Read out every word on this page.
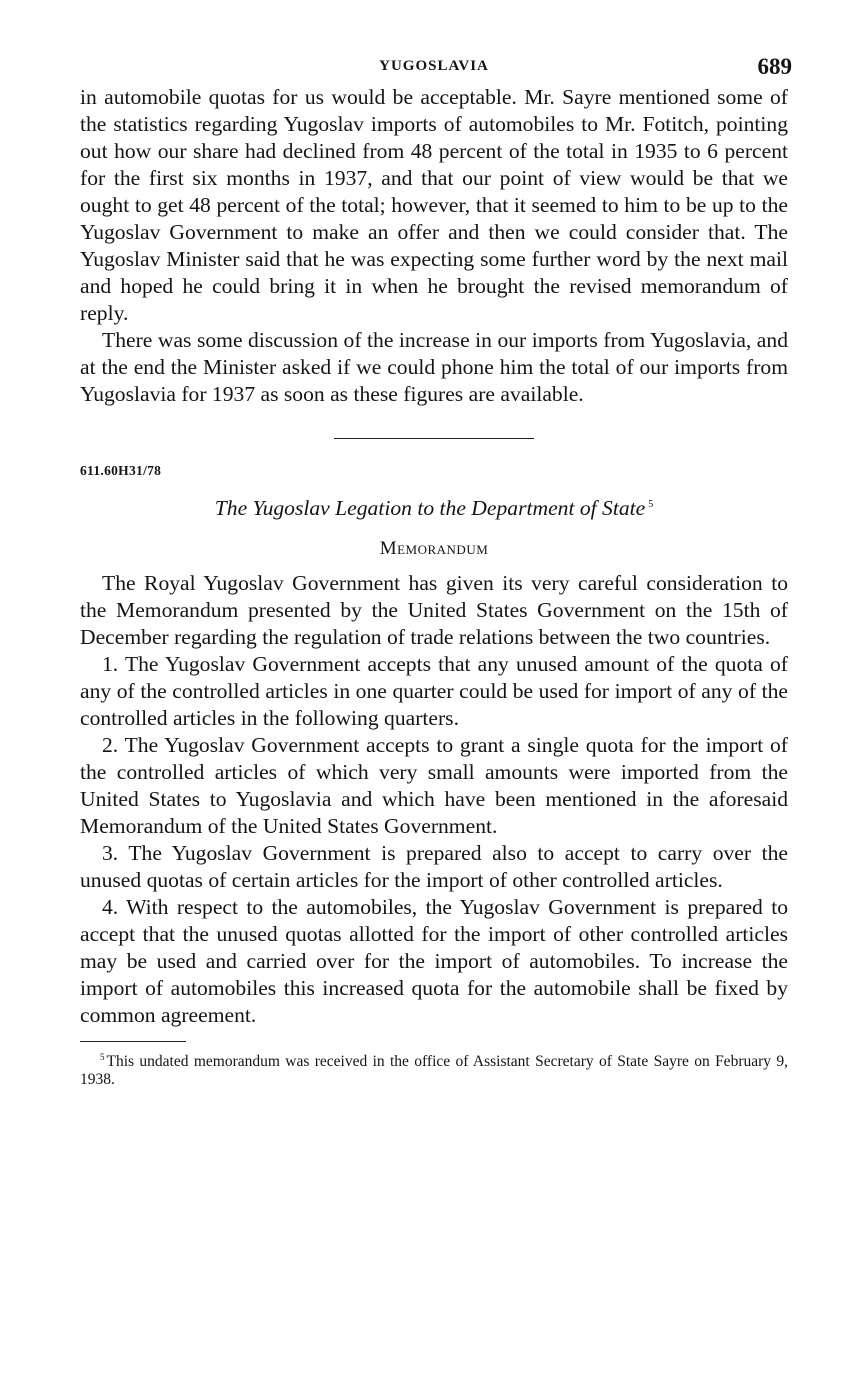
YUGOSLAVIA	689

in automobile quotas for us would be acceptable. Mr. Sayre mentioned some of the statistics regarding Yugoslav imports of automobiles to Mr. Fotitch, pointing out how our share had declined from 48 percent of the total in 1935 to 6 percent for the first six months in 1937, and that our point of view would be that we ought to get 48 percent of the total; however, that it seemed to him to be up to the Yugoslav Government to make an offer and then we could consider that. The Yugoslav Minister said that he was expecting some further word by the next mail and hoped he could bring it in when he brought the revised memorandum of reply.

There was some discussion of the increase in our imports from Yugoslavia, and at the end the Minister asked if we could phone him the total of our imports from Yugoslavia for 1937 as soon as these figures are available.

611.60H31/78
The Yugoslav Legation to the Department of State $^5$
Memorandum

The Royal Yugoslav Government has given its very careful consideration to the Memorandum presented by the United States Government on the 15th of December regarding the regulation of trade relations between the two countries.

1. The Yugoslav Government accepts that any unused amount of the quota of any of the controlled articles in one quarter could be used for import of any of the controlled articles in the following quarters.

2. The Yugoslav Government accepts to grant a single quota for the import of the controlled articles of which very small amounts were imported from the United States to Yugoslavia and which have been mentioned in the aforesaid Memorandum of the United States Government.

3. The Yugoslav Government is prepared also to accept to carry over the unused quotas of certain articles for the import of other controlled articles.

4. With respect to the automobiles, the Yugoslav Government is prepared to accept that the unused quotas allotted for the import of other controlled articles may be used and carried over for the import of automobiles. To increase the import of automobiles this increased quota for the automobile shall be fixed by common agreement.

$^5$ This undated memorandum was received in the office of Assistant Secretary of State Sayre on February 9, 1938.
